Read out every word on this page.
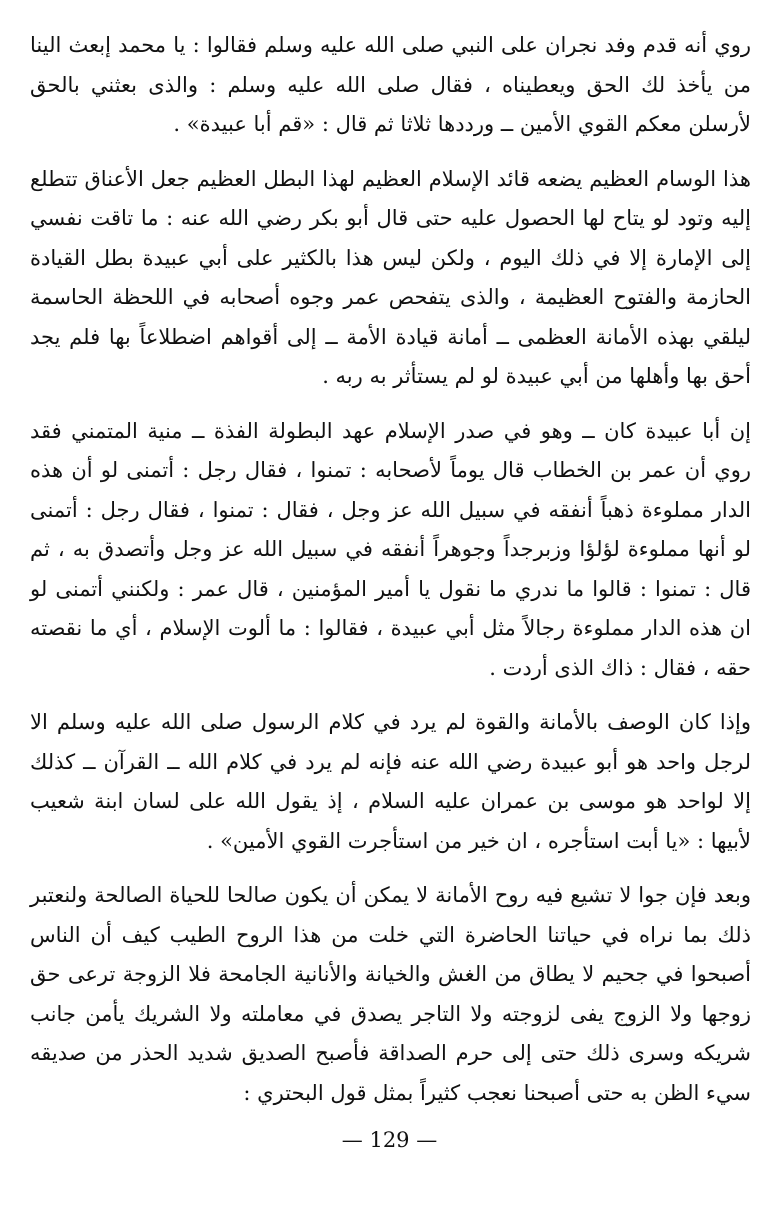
روي أنه قدم وفد نجران على النبي صلى الله عليه وسلم فقالوا : يا محمد إبعث الينا من يأخذ لك الحق ويعطيناه ، فقال صلى الله عليه وسلم : والذى بعثني بالحق لأرسلن معكم القوي الأمين ــ ورددها ثلاثا ثم قال : «قم أبا عبيدة» .

هذا الوسام العظيم يضعه قائد الإسلام العظيم لهذا البطل العظيم جعل الأعناق تتطلع إليه وتود لو يتاح لها الحصول عليه حتى قال أبو بكر رضي الله عنه : ما تاقت نفسي إلى الإمارة إلا في ذلك اليوم ، ولكن ليس هذا بالكثير على أبي عبيدة بطل القيادة الحازمة والفتوح العظيمة ، والذى يتفحص عمر وجوه أصحابه في اللحظة الحاسمة ليلقي بهذه الأمانة العظمى ــ أمانة قيادة الأمة ــ إلى أقواهم اضطلاعاً بها فلم يجد أحق بها وأهلها من أبي عبيدة لو لم يستأثر به ربه .

إن أبا عبيدة كان ــ وهو في صدر الإسلام عهد البطولة الفذة ــ منية المتمني فقد روي أن عمر بن الخطاب قال يوماً لأصحابه : تمنوا ، فقال رجل : أتمنى لو أن هذه الدار مملوءة ذهباً أنفقه في سبيل الله عز وجل ، فقال : تمنوا ، فقال رجل : أتمنى لو أنها مملوءة لؤلؤا وزبرجداً وجوهراً أنفقه في سبيل الله عز وجل وأتصدق به ، ثم قال : تمنوا : قالوا ما ندري ما نقول يا أمير المؤمنين ، قال عمر : ولكنني أتمنى لو ان هذه الدار مملوءة رجالاً مثل أبي عبيدة ، فقالوا : ما ألوت الإسلام ، أي ما نقصته حقه ، فقال : ذاك الذى أردت .

وإذا كان الوصف بالأمانة والقوة لم يرد في كلام الرسول صلى الله عليه وسلم الا لرجل واحد هو أبو عبيدة رضي الله عنه فإنه لم يرد في كلام الله ــ القرآن ــ كذلك إلا لواحد هو موسى بن عمران عليه السلام ، إذ يقول الله على لسان ابنة شعيب لأبيها : «يا أبت استأجره ، ان خير من استأجرت القوي الأمين» .

وبعد فإن جوا لا تشيع فيه روح الأمانة لا يمكن أن يكون صالحا للحياة الصالحة ولنعتبر ذلك بما نراه في حياتنا الحاضرة التي خلت من هذا الروح الطيب كيف أن الناس أصبحوا في جحيم لا يطاق من الغش والخيانة والأنانية الجامحة فلا الزوجة ترعى حق زوجها ولا الزوج يفى لزوجته ولا التاجر يصدق في معاملته ولا الشريك يأمن جانب شريكه وسرى ذلك حتى إلى حرم الصداقة فأصبح الصديق شديد الحذر من صديقه سيء الظن به حتى أصبحنا نعجب كثيراً بمثل قول البحتري :

— 129 —
